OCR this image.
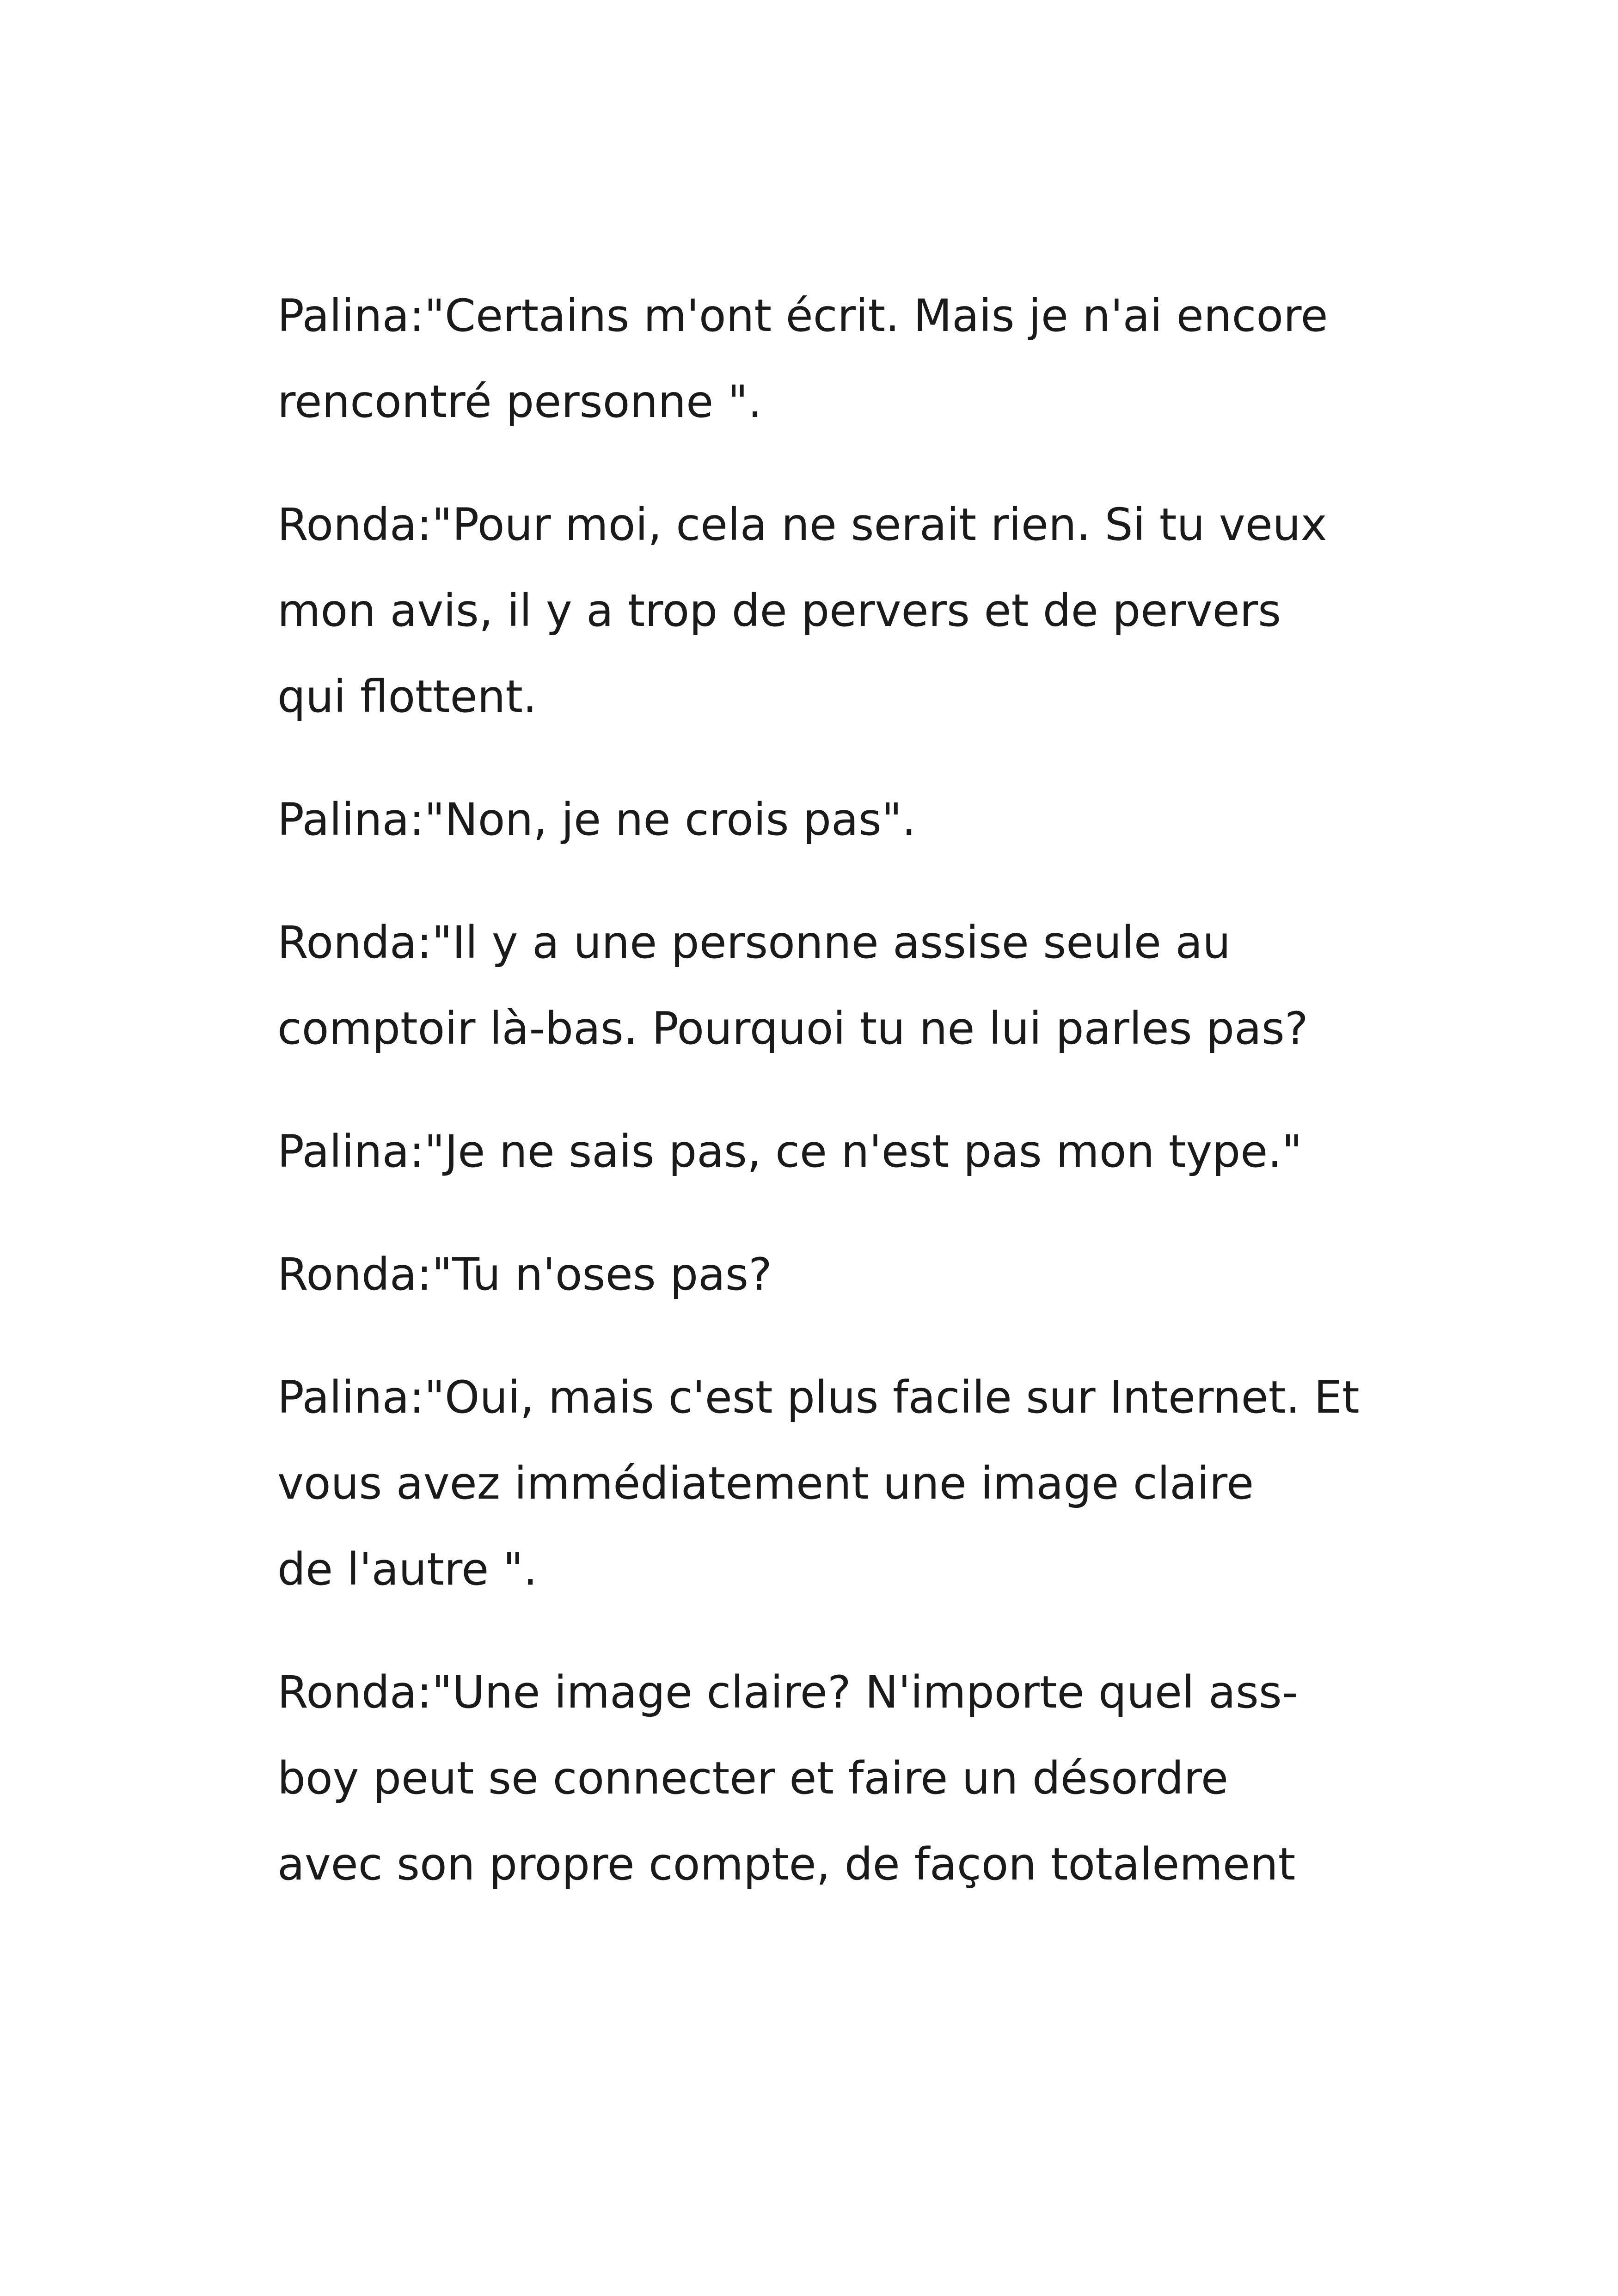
Palina:"Certains m'ont écrit. Mais je n'ai encore
rencontré personne ".

Ronda:"Pour moi, cela ne serait rien. Si tu veux
mon avis, il y a trop de pervers et de pervers
qui flottent.

Palina:"Non, je ne crois pas".

Ronda:"Il y a une personne assise seule au
comptoir là-bas. Pourquoi tu ne lui parles pas?

Palina:"Je ne sais pas, ce n'est pas mon type."

Ronda:"Tu n'oses pas?

Palina:"Oui, mais c'est plus facile sur Internet. Et
vous avez immédiatement une image claire
de l'autre ".

Ronda:"Une image claire? N'importe quel ass-
boy peut se connecter et faire un désordre
avec son propre compte, de façon totalement
